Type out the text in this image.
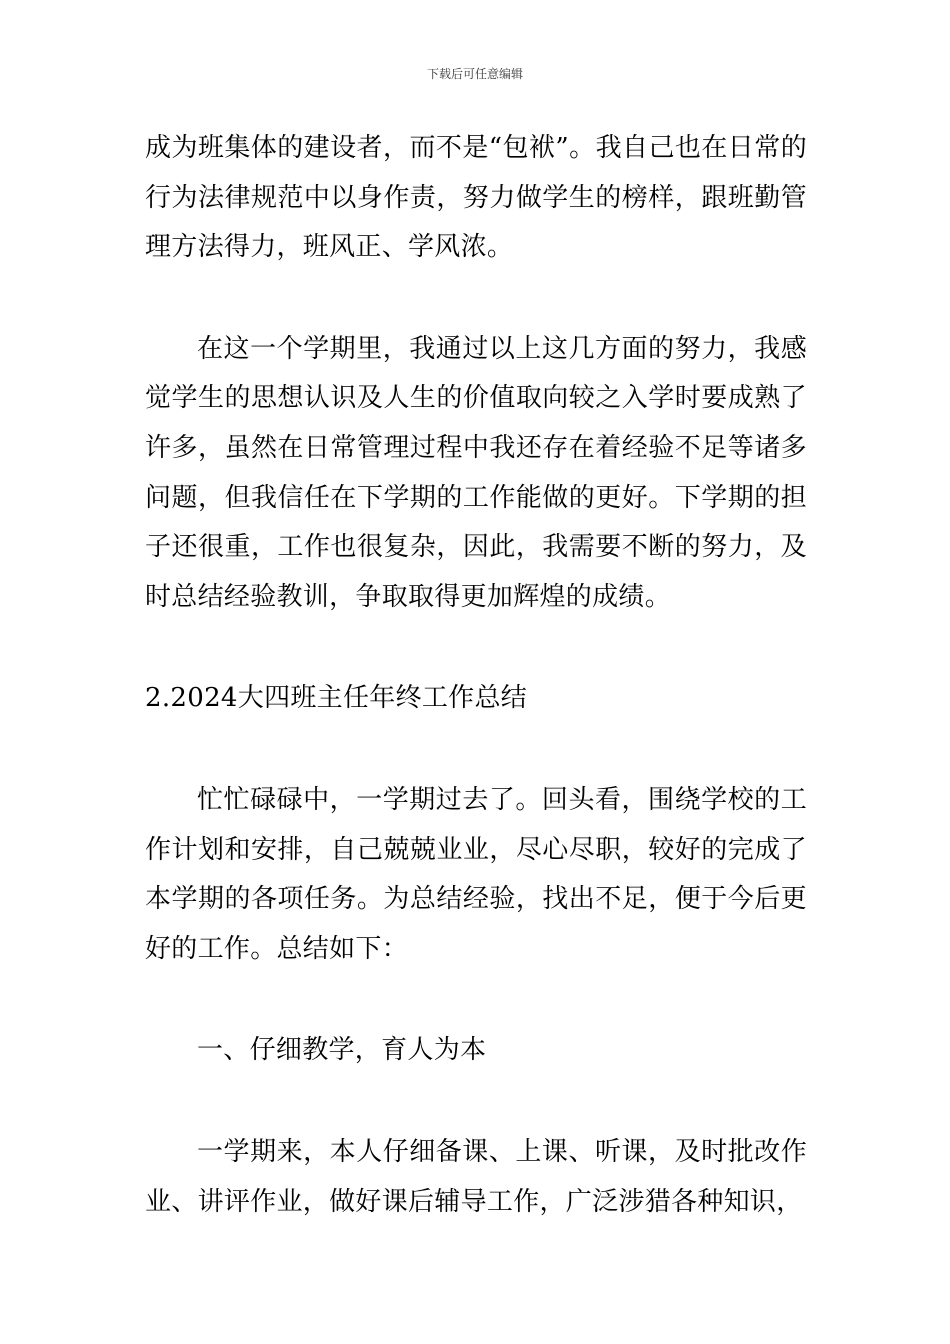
下载后可任意编辑

成为班集体的建设者，而不是“包袱”。我自己也在日常的行为法律规范中以身作责，努力做学生的榜样，跟班勤管理方法得力，班风正、学风浓。

在这一个学期里，我通过以上这几方面的努力，我感觉学生的思想认识及人生的价值取向较之入学时要成熟了许多，虽然在日常管理过程中我还存在着经验不足等诸多问题，但我信任在下学期的工作能做的更好。下学期的担子还很重，工作也很复杂，因此，我需要不断的努力，及时总结经验教训，争取取得更加辉煌的成绩。

2.2024大四班主任年终工作总结

忙忙碌碌中，一学期过去了。回头看，围绕学校的工作计划和安排，自己兢兢业业，尽心尽职，较好的完成了本学期的各项任务。为总结经验，找出不足，便于今后更好的工作。总结如下：

一、仔细教学，育人为本

一学期来，本人仔细备课、上课、听课，及时批改作业、讲评作业，做好课后辅导工作，广泛涉猎各种知识，
